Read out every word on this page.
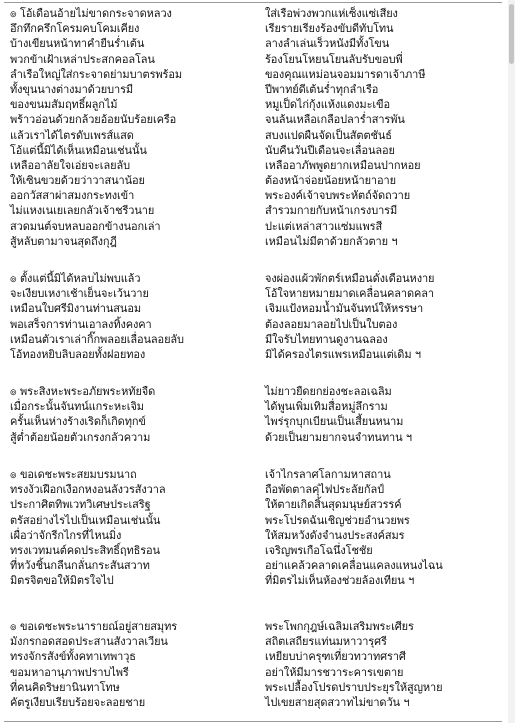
๏ โอ้เดือนอ้ายไม่ขาดกระจาดหลวง
อึกทึกครึกโครมคบโคมเคียง
บ้างเขียนหน้าทาคำยืนร่ำเต้น
พวกข้าเฝ้าเหล่าประสกคอลโลน
ลำเรือใหญ่ใส่กระจาดย่ามบาตรพร้อม
ทั้งขุนนางต่างมาด้วยบารมี
ของขนมสัมฤทธิ์ผลูกไม้
พร้าวอ่อนด้วยกล้วยอ้อยนับร้อยเครือ
แล้วเราได้ไตรดับเพรส์แสด
โอ้แต่นี้มิได้เห็นเหมือนเช่นนั้น
เหลืออาลัยใจเอ่ยจะเลยลับ
ให้เซินขวยด้วยว่าวาสนาน้อย
ออกวัสสาผ่าสมงกระทงเข้า
ไม่แหงเนเยเลยกลัวเจ้าชรีวนาย
สวดมนต์จบหลบออกข้างนอกเล่า
สู้หลับตามาจนสุดถึงกุฎี
ใส่เรือพ่วงพวกแห่เซ็งแซ่เสียง
เรียรายเรียงร้องขับดีทับโทน
ลางลำเล่นเร็วหนังมีทั้งโขน
ร้องโยนโหยนโยนลับรับขอบพี่
ของคุณแหม่อนจอมมารดาเจ้าภาษี
ปีพาทย์ดีเต้นร่ำทุกลำเรือ
หมูเป็ดไก่กุ้งแห้งแดงมะเขือ
จนล้นเหลือเกลือปลาร่ำสารพัน
สบงแปดผืนจัดเป็นสัตตชันธ์
นับคืนวันปีเดือนจะเลื่อนลอย
เหลืออาภัพพูดยากเหมือนปากหอย
ต้องหน้าจ่อยน้อยหน้ายาอาย
พระองค์เจ้าจบพระหัตถ์จัดถวาย
สำรวมกายกับหน้าเกรงบารมี
ปะแต่เหล่าสาวแซ่มแพรสี
เหมือนไม่มีตาด้วยกลัวตาย ฯ
๏ ตั้งแต่นี้มิได้หลบไม่พบแล้ว
จะเงียบเหงาเช้าเย็นจะเว้นวาย
เหมือนใบศรีมิงานท่านสนอม
พอเสร็จการท่านเอาลงทิ้งคงคา
เหมือนตัวเราเล่ากิ๊กพลอยเลื่อนลอยลับ
โอ้ทองหยิบลิบลอยทั้งฝอยทอง
จงผ่องแผ้วพักตร์เหมือนดั่งเดือนหงาย
โอ้ใจหายหมายมาดเคลื่อนคลาดคลา
เจิมแป้งหอมน้ำมันจันทน์ให้หรรษา
ต้องลอยมาลอยไปเป็นใบตอง
มีใจรับไทยทานดูงานฉลอง
มิได้ครองไตรแพรเหมือนแต่เดิม ฯ
๏ พระสิงหะพระอภัยพระหทัยจืด
เมื่อกระนั้นจันทน์แกระหะเจิม
ครั้นเห็นห่างร้างเริดก็เกิดทุกข์
สู้ต่ำต้อยน้อยตัวเกรงกลัวความ
ไม่ยาวยืดยกย่องชะลอเฉลิม
ได้พูนเพิ่มเทิมสื่อหมู่ลึกราม
ไพร่รุกบุกเบียนเป็นเสี้ยนหนาม
ด้วยเป็นยามยากจนจำทนทาน ฯ
๏ ขอเดชะพระสยมบรมนาถ
ทรงงัวเฝือกเงือกหงอนลังวรสังวาล
ประกาศิตทิพเวทวิเศษประเสริฐ
ตรัสอย่างไรไปเป็นเหมือนเช่นนั้น
เผื่อว่าจักรีกไกรที่ไหนมิ่ง
ทรงเวทมนต์คดประสิทธิ์ฤทธิรอน
ที่หวังชิ้นกลืนกลั่นกระสันสวาท
มิตรจิตขอให้มิตรใจไป
เจ้าไกรลาศโลกามหาสถาน
ถือพัดตาลคุ่ไฟประลัยกัลป์
ให้ตายเกิดสิ้นสุดมนุษย์สวรรค์
พระโปรดฉันเชิญช่วยอำนวยพร
ให้สมหวังดังจำนงประสงค์สมร
เจริญพรเกือโฉนึ่งโชชัย
อย่าแคล้วคลาดเคลื่อนแคลงแหนงไฉน
ที่มิตรไม่เห็นห้องช่วยล้องเทียน ฯ
๏ ขอเดชะพระนารายณ์อยู่สายสมุทร
มังกรกอดสอดประสานสังวาลเวียน
ทรงจักรสังข์ทั้งคทาเทพาวุธ
ขอมหาอานุภาพปราบไพรี
ที่คนคิดริษยานินทาโทษ
คัตรูเงียบเรียบร้อยจะลอยชาย
พระโพกกุฎษ์เฉลิมเสริมพระเศียร
สถิตเสถียรแท่นมหาวารุศรี
เหยียบบ่าครุฑเที่ยวทวาทศราศี
อย่าให้มีมารชวาระคารเขตาย
พระเปลื้องโปรดปราบประยุรให้สูญหาย
ไปเขยสายสุดสวาทไม่ขาดวัน ฯ
